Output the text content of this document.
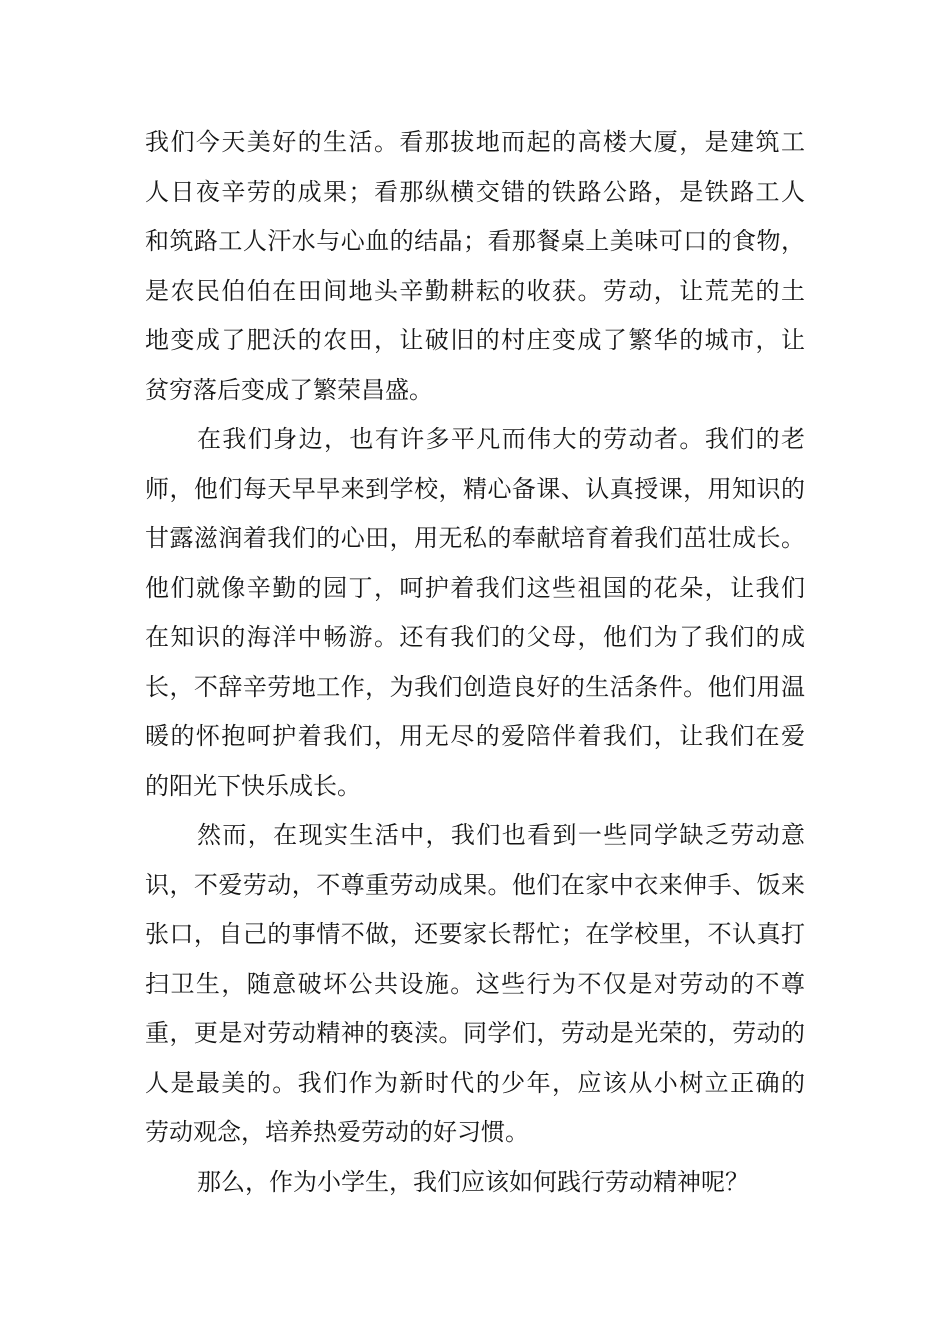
我们今天美好的生活。看那拔地而起的高楼大厦，是建筑工
人日夜辛劳的成果；看那纵横交错的铁路公路，是铁路工人
和筑路工人汗水与心血的结晶；看那餐桌上美味可口的食物，
是农民伯伯在田间地头辛勤耕耘的收获。劳动，让荒芜的土
地变成了肥沃的农田，让破旧的村庄变成了繁华的城市，让
贫穷落后变成了繁荣昌盛。
在我们身边，也有许多平凡而伟大的劳动者。我们的老
师，他们每天早早来到学校，精心备课、认真授课，用知识的
甘露滋润着我们的心田，用无私的奉献培育着我们茁壮成长。
他们就像辛勤的园丁，呵护着我们这些祖国的花朵，让我们
在知识的海洋中畅游。还有我们的父母，他们为了我们的成
长，不辞辛劳地工作，为我们创造良好的生活条件。他们用温
暖的怀抱呵护着我们，用无尽的爱陪伴着我们，让我们在爱
的阳光下快乐成长。
然而，在现实生活中，我们也看到一些同学缺乏劳动意
识，不爱劳动，不尊重劳动成果。他们在家中衣来伸手、饭来
张口，自己的事情不做，还要家长帮忙；在学校里，不认真打
扫卫生，随意破坏公共设施。这些行为不仅是对劳动的不尊
重，更是对劳动精神的亵渎。同学们，劳动是光荣的，劳动的
人是最美的。我们作为新时代的少年，应该从小树立正确的
劳动观念，培养热爱劳动的好习惯。
那么，作为小学生，我们应该如何践行劳动精神呢？
